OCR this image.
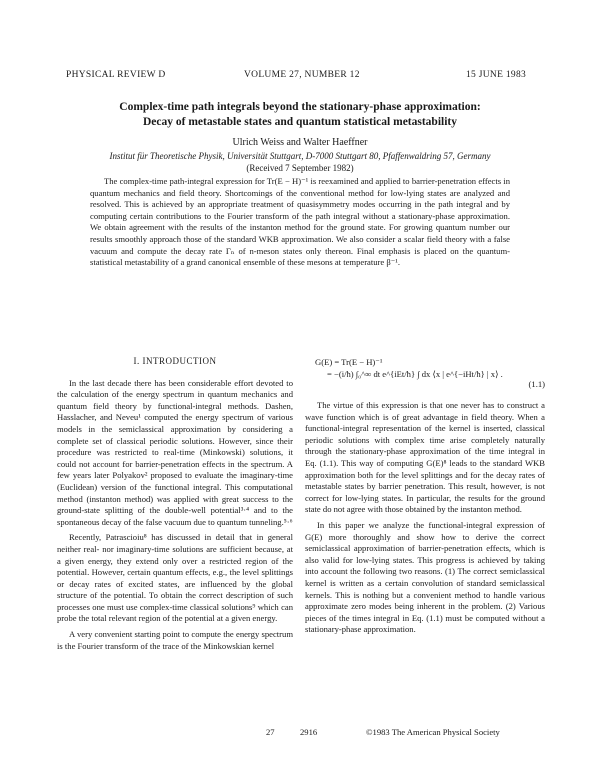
PHYSICAL REVIEW D	VOLUME 27, NUMBER 12	15 JUNE 1983
Complex-time path integrals beyond the stationary-phase approximation:
Decay of metastable states and quantum statistical metastability
Ulrich Weiss and Walter Haeffner
Institut für Theoretische Physik, Universität Stuttgart, D-7000 Stuttgart 80, Pfaffenwaldring 57, Germany
(Received 7 September 1982)
The complex-time path-integral expression for Tr(E − H)⁻¹ is reexamined and applied to barrier-penetration effects in quantum mechanics and field theory. Shortcomings of the conventional method for low-lying states are analyzed and resolved. This is achieved by an appropriate treatment of quasisymmetry modes occurring in the path integral and by computing certain contributions to the Fourier transform of the path integral without a stationary-phase approximation. We obtain agreement with the results of the instanton method for the ground state. For growing quantum number our results smoothly approach those of the standard WKB approximation. We also consider a scalar field theory with a false vacuum and compute the decay rate Γₙ of n-meson states only thereon. Final emphasis is placed on the quantum-statistical metastability of a grand canonical ensemble of these mesons at temperature β⁻¹.
I. INTRODUCTION

In the last decade there has been considerable effort devoted to the calculation of the energy spectrum in quantum mechanics and quantum field theory by functional-integral methods. Dashen, Hasslacher, and Neveu¹ computed the energy spectrum of various models in the semiclassical approximation by considering a complete set of classical periodic solutions. However, since their procedure was restricted to real-time (Minkowski) solutions, it could not account for barrier-penetration effects in the spectrum. A few years later Polyakov² proposed to evaluate the imaginary-time (Euclidean) version of the functional integral. This computational method (instanton method) was applied with great success to the ground-state splitting of the double-well potential³·⁴ and to the spontaneous decay of the false vacuum due to quantum tunneling.⁵·⁶

Recently, Patrascioiu⁸ has discussed in detail that in general neither real- nor imaginary-time solutions are sufficient because, at a given energy, they extend only over a restricted region of the potential. However, certain quantum effects, e.g., the level splittings or decay rates of excited states, are influenced by the global structure of the potential. To obtain the correct description of such processes one must use complex-time classical solutions⁹ which can probe the total relevant region of the potential at a given energy.

A very convenient starting point to compute the energy spectrum is the Fourier transform of the trace of the Minkowskian kernel

G(E) = Tr(E − H)⁻¹
= −(i/ħ) ∫₀^∞ dt e^{iEt/ħ} ∫ dx ⟨x | e^{−iHt/ħ} | x⟩ .
(1.1)

The virtue of this expression is that one never has to construct a wave function which is of great advantage in field theory. When a functional-integral representation of the kernel is inserted, classical periodic solutions with complex time arise completely naturally through the stationary-phase approximation of the time integral in Eq. (1.1). This way of computing G(E)⁸ leads to the standard WKB approximation both for the level splittings and for the decay rates of metastable states by barrier penetration. This result, however, is not correct for low-lying states. In particular, the results for the ground state do not agree with those obtained by the instanton method.

In this paper we analyze the functional-integral expression of G(E) more thoroughly and show how to derive the correct semiclassical approximation of barrier-penetration effects, which is also valid for low-lying states. This progress is achieved by taking into account the following two reasons. (1) The correct semiclassical kernel is written as a certain convolution of standard semiclassical kernels. This is nothing but a convenient method to handle various approximate zero modes being inherent in the problem. (2) Various pieces of the times integral in Eq. (1.1) must be computed without a stationary-phase approximation.

27	2916	©1983 The American Physical Society
